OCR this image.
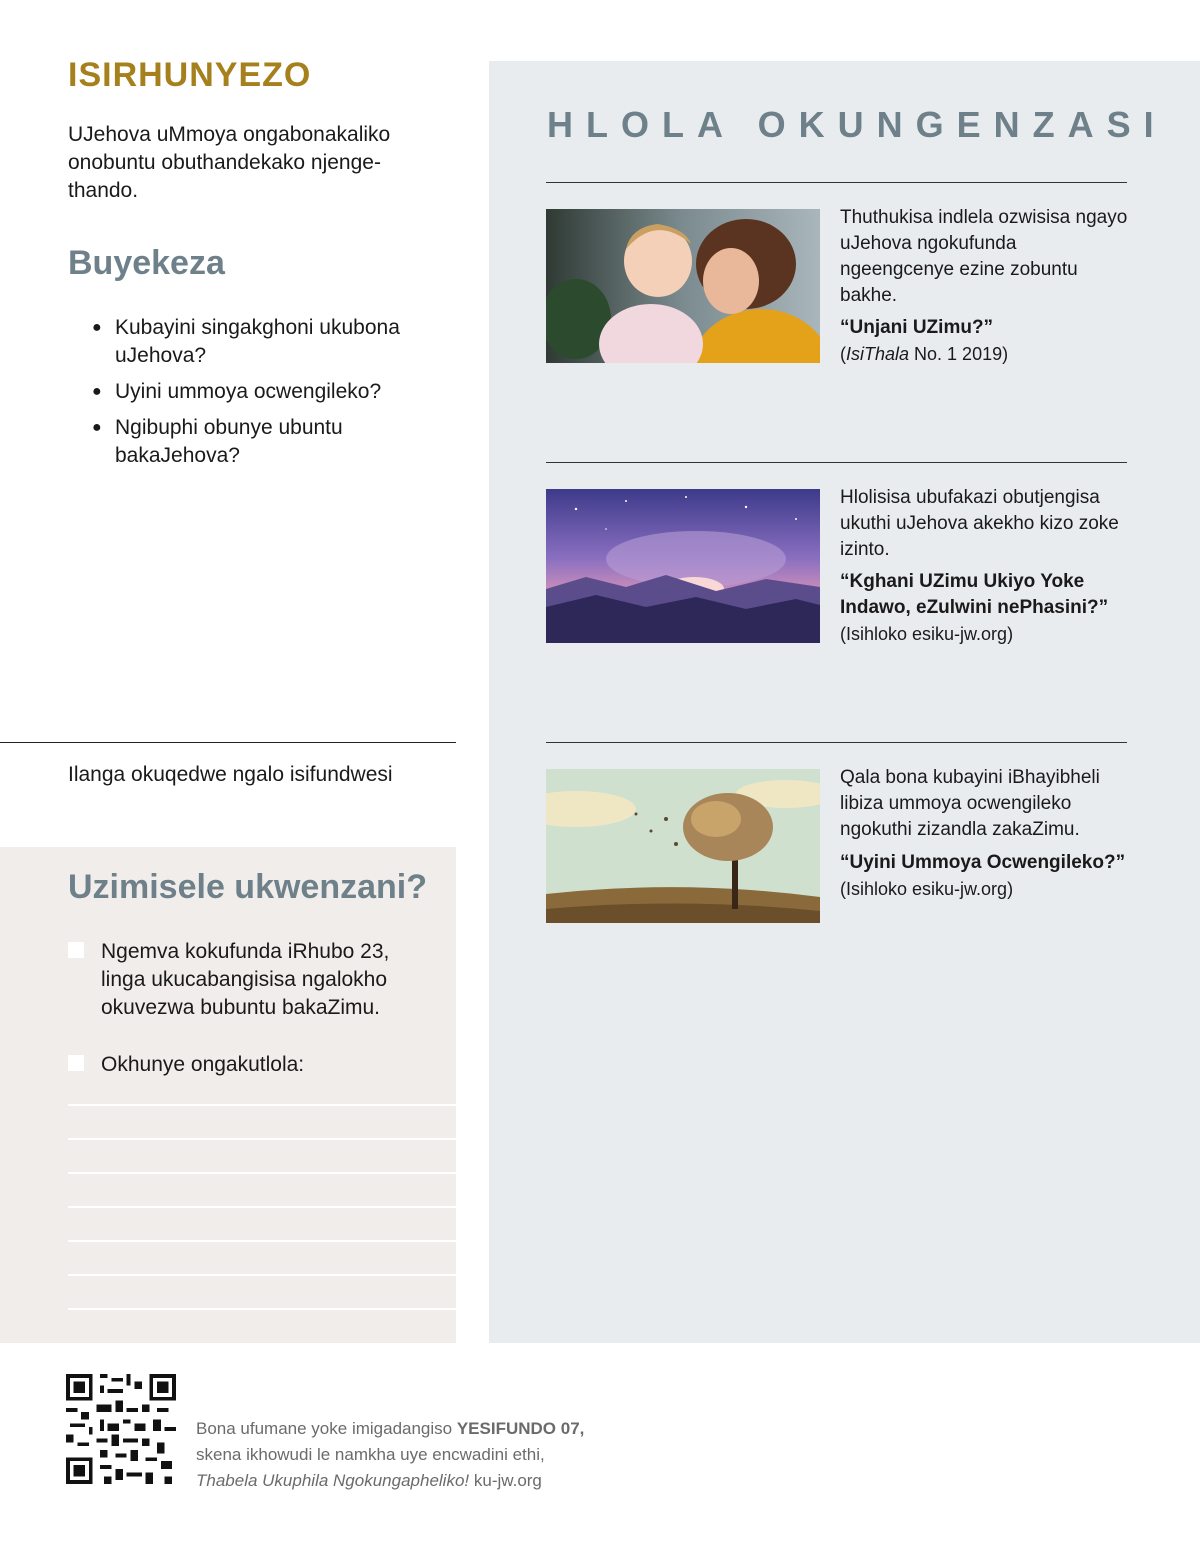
ISIRHUNYEZO

UJehova uMmoya ongabonakaliko onobuntu obuthandekako njengethando.

Buyekeza
● Kubayini singakghoni ukubona uJehova?
● Uyini ummoya ocwengileko?
● Ngibuphi obunye ubuntu bakaJehova?
Ilanga okuqedwe ngalo isifundwesi
Uzimisele ukwenzani?
Ngemva kokufunda iRhubo 23, linga ukucabangisisa ngalokho okuvezwa bubuntu bakaZimu.
Okhunye ongakutlola:
HLOLA OKUNGENZASI

Thuthukisa indlela ozwisisa ngayo uJehova ngokufunda ngeengcenye ezine zobuntu bakhe.

“Unjani UZimu?”

(IsiThala No. 1 2019)

Hlolisisa ubufakazi obutjengisa ukuthi uJehova akekho kizo zoke izinto.

“Kghani UZimu Ukiyo Yoke Indawo, eZulwini nePhasini?”

(Isihloko esiku-jw.org)

Qala bona kubayini iBhayibheli libiza ummoya ocwengileko ngokuthi zizandla zakaZimu.

“Uyini Ummoya Ocwengileko?” (Isihloko esiku-jw.org)

Bona ufumane yoke imigadangiso YESIFUNDO 07,
skena ikhowudi le namkha uye encwadini ethi,
Thabela Ukuphila Ngokungapheliko! ku-jw.org
